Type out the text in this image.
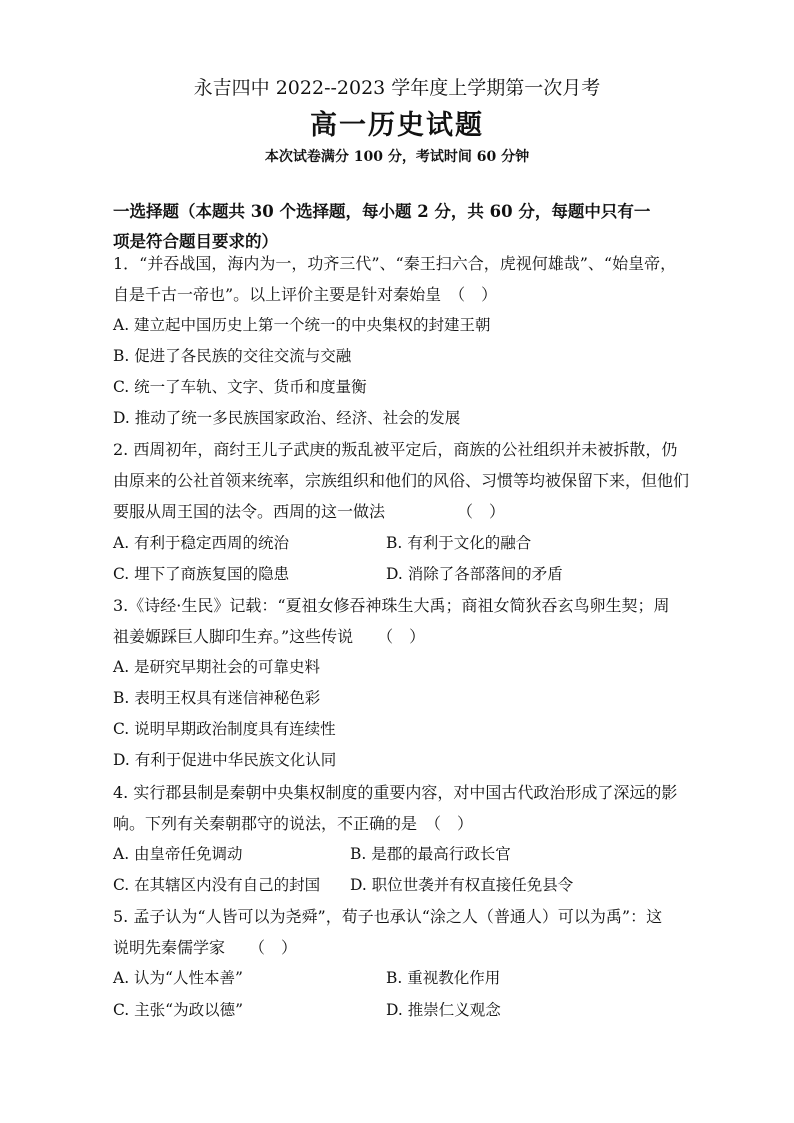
永吉四中 2022--2023 学年度上学期第一次月考
高一历史试题
本次试卷满分 100 分，考试时间 60 分钟
一选择题（本题共 30 个选择题，每小题 2 分，共 60 分，每题中只有一
项是符合题目要求的）
1．“并吞战国，海内为一，功齐三代”、“秦王扫六合，虎视何雄哉”、“始皇帝，
自是千古一帝也”。以上评价主要是针对秦始皇　（　）
A. 建立起中国历史上第一个统一的中央集权的封建王朝
B. 促进了各民族的交往交流与交融
C. 统一了车轨、文字、货币和度量衡
D. 推动了统一多民族国家政治、经济、社会的发展
2. 西周初年，商纣王儿子武庚的叛乱被平定后，商族的公社组织并未被拆散，仍
由原来的公社首领来统率，宗族组织和他们的风俗、习惯等均被保留下来，但他们
要服从周王国的法令。西周的这一做法　　　　　（　）
A. 有利于稳定西周的统治	B. 有利于文化的融合
C. 埋下了商族复国的隐患	D. 消除了各部落间的矛盾
3.《诗经·生民》记载：“夏祖女修吞神珠生大禹；商祖女简狄吞玄鸟卵生契；周
祖姜嫄踩巨人脚印生弃。”这些传说　　（　）
A. 是研究早期社会的可靠史料
B. 表明王权具有迷信神秘色彩
C. 说明早期政治制度具有连续性
D. 有利于促进中华民族文化认同
4. 实行郡县制是秦朝中央集权制度的重要内容，对中国古代政治形成了深远的影
响。下列有关秦朝郡守的说法，不正确的是　（　）
A. 由皇帝任免调动	B. 是郡的最高行政长官
C. 在其辖区内没有自己的封国 D. 职位世袭并有权直接任免县令
5. 孟子认为“人皆可以为尧舜”，荀子也承认“涂之人（普通人）可以为禹”：这
说明先秦儒学家　　（　）
A. 认为“人性本善”	B. 重视教化作用
C. 主张“为政以德”	D. 推崇仁义观念
